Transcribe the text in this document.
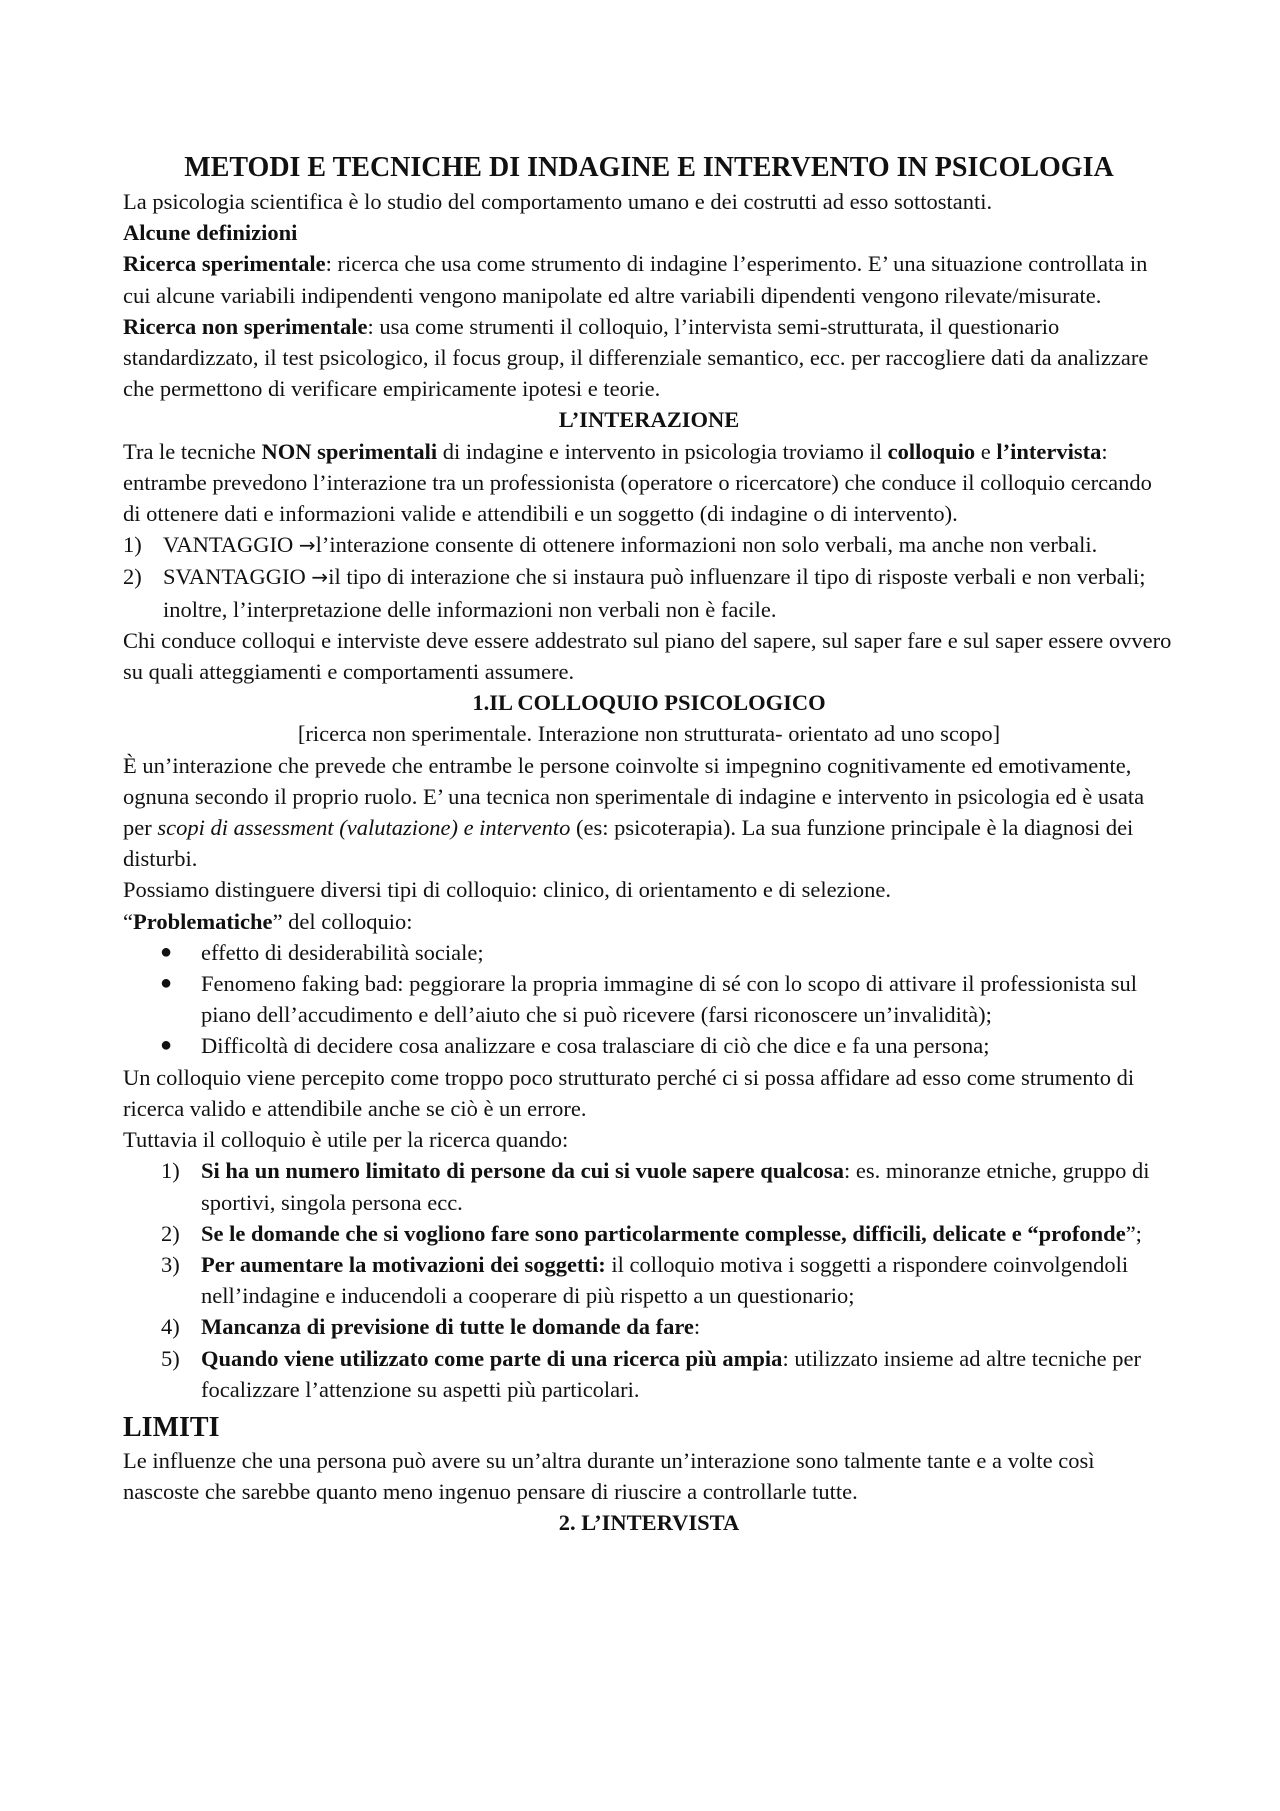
METODI E TECNICHE DI INDAGINE E INTERVENTO IN PSICOLOGIA

La psicologia scientifica è lo studio del comportamento umano e dei costrutti ad esso sottostanti.

Alcune definizioni

Ricerca sperimentale: ricerca che usa come strumento di indagine l’esperimento. E’ una situazione controllata in cui alcune variabili indipendenti vengono manipolate ed altre variabili dipendenti vengono rilevate/misurate.

Ricerca non sperimentale: usa come strumenti il colloquio, l’intervista semi-strutturata, il questionario standardizzato, il test psicologico, il focus group, il differenziale semantico, ecc. per raccogliere dati da analizzare che permettono di verificare empiricamente ipotesi e teorie.

L’INTERAZIONE

Tra le tecniche NON sperimentali di indagine e intervento in psicologia troviamo il colloquio e l’intervista: entrambe prevedono l’interazione tra un professionista (operatore o ricercatore) che conduce il colloquio cercando di ottenere dati e informazioni valide e attendibili e un soggetto (di indagine o di intervento).

1) VANTAGGIO →l’interazione consente di ottenere informazioni non solo verbali, ma anche non verbali.
2) SVANTAGGIO →il tipo di interazione che si instaura può influenzare il tipo di risposte verbali e non verbali; inoltre, l’interpretazione delle informazioni non verbali non è facile.

Chi conduce colloqui e interviste deve essere addestrato sul piano del sapere, sul saper fare e sul saper essere ovvero su quali atteggiamenti e comportamenti assumere.

1.IL COLLOQUIO PSICOLOGICO

[ricerca non sperimentale. Interazione non strutturata- orientato ad uno scopo]

È un’interazione che prevede che entrambe le persone coinvolte si impegnino cognitivamente ed emotivamente, ognuna secondo il proprio ruolo. E’ una tecnica non sperimentale di indagine e intervento in psicologia ed è usata per scopi di assessment (valutazione) e intervento (es: psicoterapia). La sua funzione principale è la diagnosi dei disturbi.

Possiamo distinguere diversi tipi di colloquio: clinico, di orientamento e di selezione.

“Problematiche” del colloquio:

● effetto di desiderabilità sociale;
● Fenomeno faking bad: peggiorare la propria immagine di sé con lo scopo di attivare il professionista sul piano dell’accudimento e dell’aiuto che si può ricevere (farsi riconoscere un’invalidità);
● Difficoltà di decidere cosa analizzare e cosa tralasciare di ciò che dice e fa una persona;

Un colloquio viene percepito come troppo poco strutturato perché ci si possa affidare ad esso come strumento di ricerca valido e attendibile anche se ciò è un errore.

Tuttavia il colloquio è utile per la ricerca quando:

1) Si ha un numero limitato di persone da cui si vuole sapere qualcosa: es. minoranze etniche, gruppo di sportivi, singola persona ecc.
2) Se le domande che si vogliono fare sono particolarmente complesse, difficili, delicate e “profonde”;
3) Per aumentare la motivazioni dei soggetti: il colloquio motiva i soggetti a rispondere coinvolgendoli nell’indagine e inducendoli a cooperare di più rispetto a un questionario;
4) Mancanza di previsione di tutte le domande da fare:
5) Quando viene utilizzato come parte di una ricerca più ampia: utilizzato insieme ad altre tecniche per focalizzare l’attenzione su aspetti più particolari.

LIMITI

Le influenze che una persona può avere su un’altra durante un’interazione sono talmente tante e a volte così nascoste che sarebbe quanto meno ingenuo pensare di riuscire a controllarle tutte.

2. L’INTERVISTA
